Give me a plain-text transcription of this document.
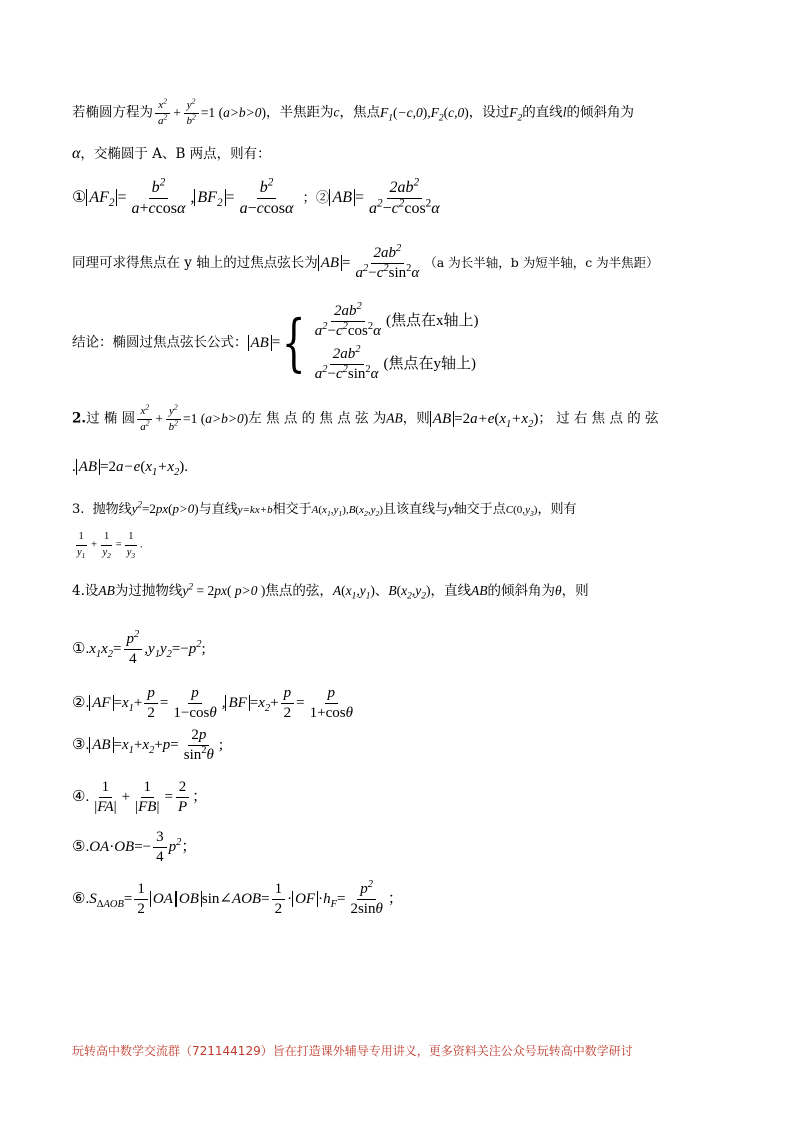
若椭圆方程为 $\frac{x^2}{a^2} + \frac{y^2}{b^2} =1$ (a>b>0)，半焦距为c，焦点$F_1(-c,0),F_2(c,0)$，设过$F_2$的直线l的倾斜角为
α，交椭圆于 A、B 两点，则有：
① $AF_2 = \frac{b^2}{a+ccos\alpha}$ , $BF_2 = \frac{b^2}{a-ccos\alpha}$ ；② AB = $\frac{2ab^2}{a^2-c^2\cos^2\alpha}$
同理可求得焦点在 y 轴上的过焦点弦长为 AB = $\frac{2ab^2}{a^2-c^2\sin^2\alpha} (a$ 为长半轴，b 为短半轴，c 为半焦距）
结论：椭圆过焦点弦长公式： AB ={ $\frac{2ab^2}{a^2-c^2\cos^2\alpha}$ (焦点在x轴上)
$\frac{2ab^2}{a^2-c^2\sin^2\alpha}$ (焦点在y轴上)
2.过 椭 圆 $\frac{x^2}{a^2} + \frac{y^2}{b^2} =1$ (a>b>0)左 焦 点 的 焦 点 弦 为AB，则 AB $=2a+e(x_1+x_2)$； 过 右 焦 点 的 弦
. AB $=2a-e(x_1+x_2)$.
3. 抛物线$y^2=2px(p>0)$与直线y=kx+b相交于$A(x_1,y_1),B(x_2,y_2)$且该直线与y轴交于点$C(0,y_3)$，则有
$\frac{1}{y_1} + \frac{1}{y_2} = \frac{1}{y_3}$ .
4.设AB为过抛物线$y^2 = 2px$( p>0 )焦点的弦，$A(x_1,y_1)$、$B(x_2,y_2)$，直线AB的倾斜角为θ，则
$①.x_1x_2= \frac{p^2}{4} ,y_1y_2=-p^2$;
②. AF $=x_1+ \frac{p}{2} = \frac{p}{1-\cos\theta}$ , BF $=x_2+ \frac{p}{2} = \frac{p}{1+\cos\theta}$
③. AB $=x_1+x_2+p= \frac{2p}{\sin^2\theta}$ ;
④. $\frac{1}{|FA|} + \frac{1}{|FB|} = \frac{2}{P}$ ；
⑤.OA·OB=− $\frac{3}{4} p^2$；
$⑥.S_{\Delta AOB}= \frac{1}{2}$ OA OB sin∠AOB= $\frac{1}{2}$ · OF $\cdot h_F= \frac{p^2}{2\sin\theta}$ ；
玩转高中数学交流群（721144129）旨在打造课外辅导专用讲义，更多资料关注公众号玩转高中数学研讨
